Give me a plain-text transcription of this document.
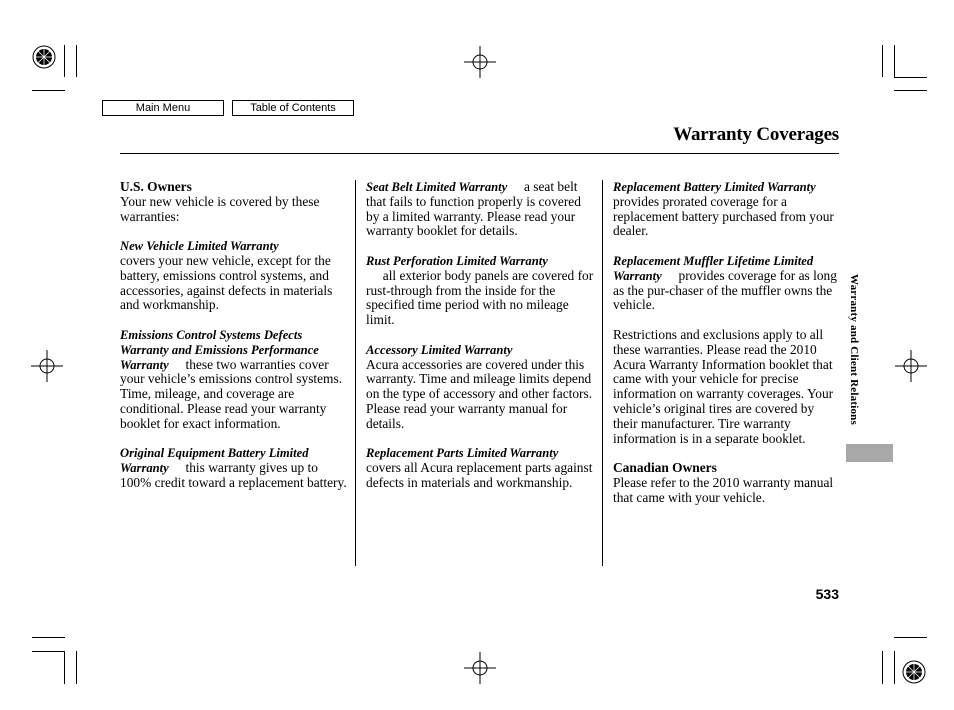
Main Menu	Table of Contents
Warranty Coverages

U.S. Owners
Your new vehicle is covered by these warranties:

New Vehicle Limited Warranty
covers your new vehicle, except for the battery, emissions control systems, and accessories, against defects in materials and workmanship.

Emissions Control Systems Defects Warranty and Emissions Performance Warranty these two warranties cover your vehicle’s emissions control systems. Time, mileage, and coverage are conditional. Please read your warranty booklet for exact information.

Original Equipment Battery Limited Warranty this warranty gives up to 100% credit toward a replacement battery.

Seat Belt Limited Warranty a seat belt that fails to function properly is covered by a limited warranty. Please read your warranty booklet for details.

Rust Perforation Limited Warranty
all exterior body panels are covered for rust-through from the inside for the specified time period with no mileage limit.

Accessory Limited Warranty
Acura accessories are covered under this warranty. Time and mileage limits depend on the type of accessory and other factors. Please read your warranty manual for details.

Replacement Parts Limited Warranty     covers all Acura replacement parts against defects in materials and workmanship.

Replacement Battery Limited Warranty     provides prorated coverage for a replacement battery purchased from your dealer.

Replacement Muffler Lifetime Limited Warranty provides coverage for as long as the pur-chaser of the muffler owns the vehicle.

Restrictions and exclusions apply to all these warranties. Please read the 2010 Acura Warranty Information booklet that came with your vehicle for precise information on warranty coverages. Your vehicle’s original tires are covered by their manufacturer. Tire warranty information is in a separate booklet.

Canadian Owners
Please refer to the 2010 warranty manual that came with your vehicle.

Warranty and Client Relations
533
